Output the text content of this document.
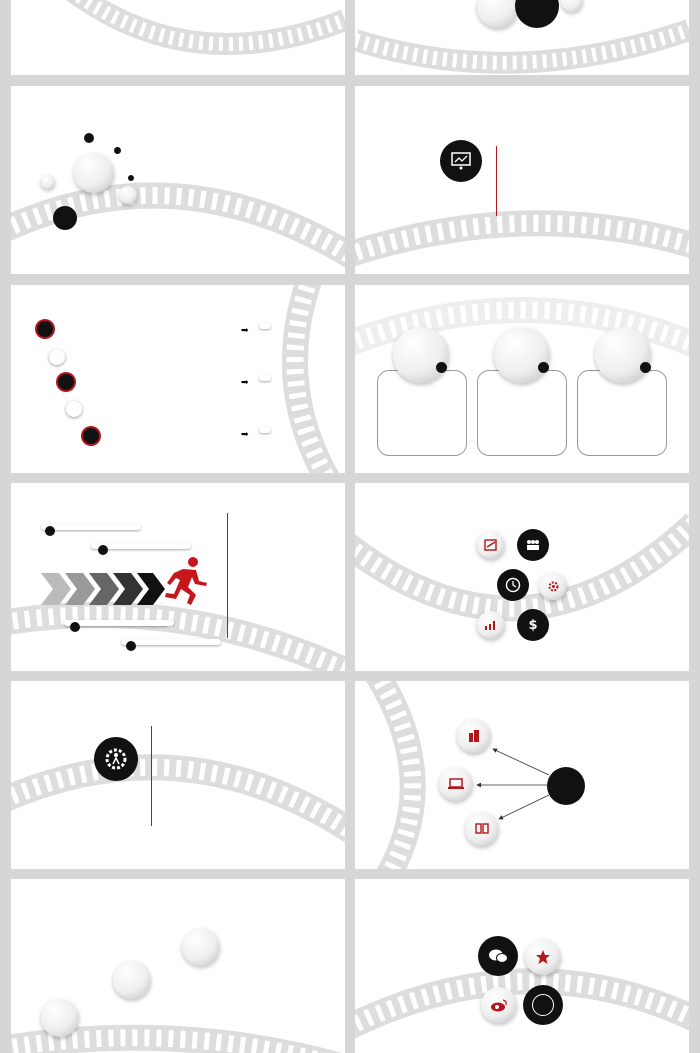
➡
➡
➡
$
